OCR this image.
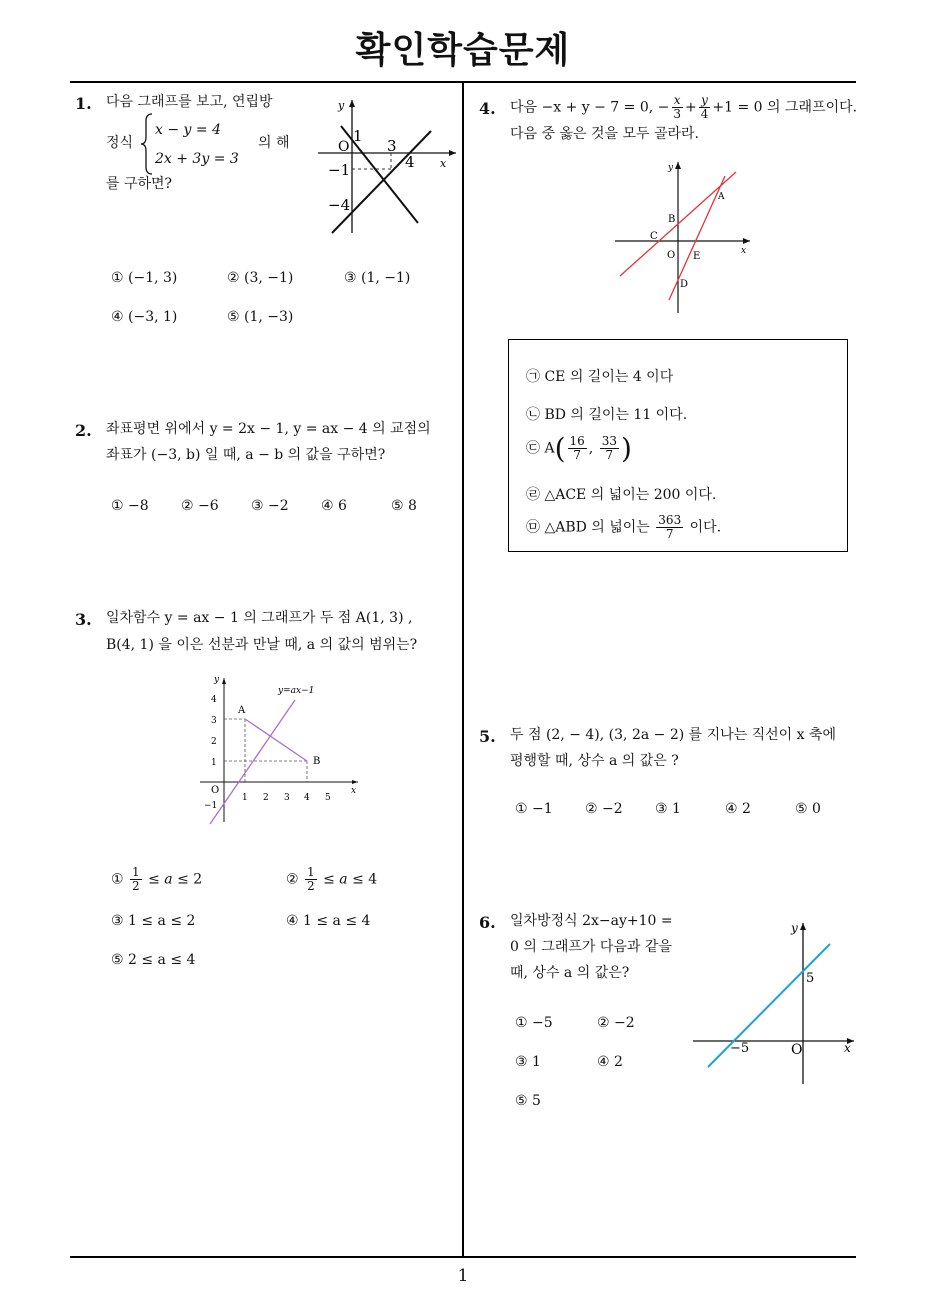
확인학습문제
1
1. 다음 그래프를 보고, 연립방
정식
x − y = 4
2x + 3y = 3
의 해
를 구하면?
y
x
O
1
3
4
−1
−4
① (−1, 3)	② (3, −1)	③ (1, −1)
④ (−3, 1)	⑤ (1, −3)
2. 좌표평면 위에서 y = 2x − 1, y = ax − 4 의 교점의
좌표가 (−3, b) 일 때, a − b 의 값을 구하면?
① −8 ② −6 ③ −2 ④ 6	⑤ 8
3. 일차함수 y = ax − 1 의 그래프가 두 점 A(1, 3) ,
B(4, 1) 을 이은 선분과 만날 때, a 의 값의 범위는?
y=ax−1
A
B
O
y
x
4
3
2
1
−1
1 2 3 4 5
① $\frac{1}{2} \le a \le 2$	② $\frac{1}{2} \le a \le 4$
③ 1 ≤ a ≤ 2	④ 1 ≤ a ≤ 4
⑤ 2 ≤ a ≤ 4
4. 다음 −x + y − 7 = 0, − $\frac{x}{3} + \frac{y}{4} +1 = 0$ 의 그래프이다.
다음 중 옳은 것을 모두 골라라.
y
x
A
B
C
O E
D
㉠ CE 의 길이는 4 이다
㉡ BD 의 길이는 11 이다.
㉢ $A( \frac{16}{7}$ , $\frac{33}{7}$ )
㉣ △ACE 의 넓이는 200 이다.
㉤ △ABD 의 넓이는 $\frac{363}{7}$ 이다.
5. 두 점 (2, − 4), (3, 2a − 2) 를 지나는 직선이 x 축에
평행할 때, 상수 a 의 값은 ?
① −1 ② −2 ③ 1	④ 2	⑤ 0
6. 일차방정식 2x−ay+10 =
0 의 그래프가 다음과 같을
때, 상수 a 의 값은?
y
x
O
5
−5
① −5	② −2
③ 1	④ 2
⑤ 5
